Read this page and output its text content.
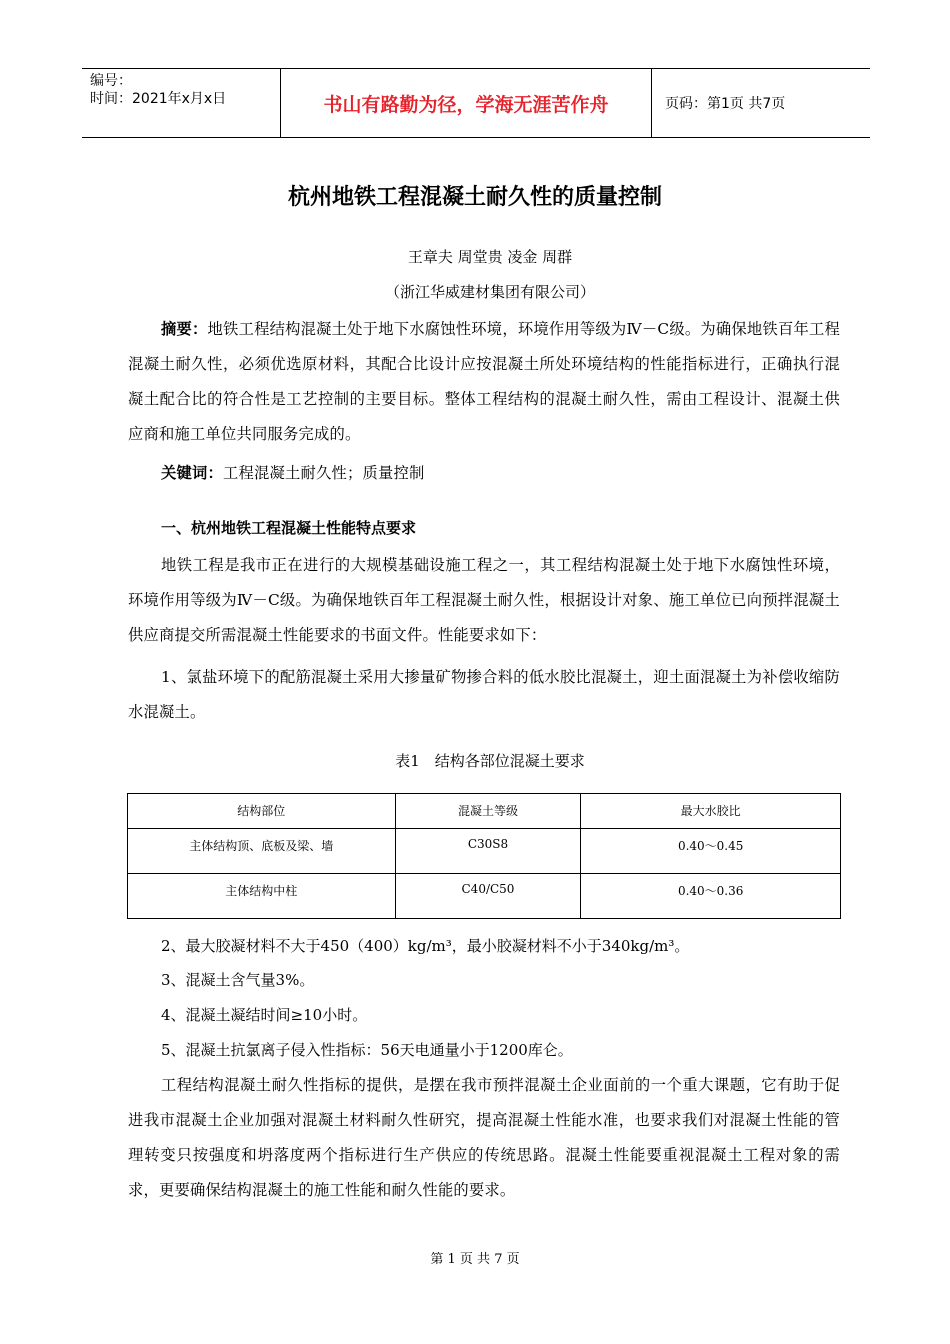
编号：
时间：2021年x月x日	书山有路勤为径，学海无涯苦作舟	页码：第1页 共7页
杭州地铁工程混凝土耐久性的质量控制
王章夫 周堂贵 凌金 周群
（浙江华威建材集团有限公司）
摘要：地铁工程结构混凝土处于地下水腐蚀性环境，环境作用等级为Ⅳ－C级。为确保地铁百年工程混凝土耐久性，必须优选原材料，其配合比设计应按混凝土所处环境结构的性能指标进行，正确执行混凝土配合比的符合性是工艺控制的主要目标。整体工程结构的混凝土耐久性，需由工程设计、混凝土供应商和施工单位共同服务完成的。
关键词：工程混凝土耐久性；质量控制
一、杭州地铁工程混凝土性能特点要求
地铁工程是我市正在进行的大规模基础设施工程之一，其工程结构混凝土处于地下水腐蚀性环境，环境作用等级为Ⅳ－C级。为确保地铁百年工程混凝土耐久性，根据设计对象、施工单位已向预拌混凝土供应商提交所需混凝土性能要求的书面文件。性能要求如下：
1、氯盐环境下的配筋混凝土采用大掺量矿物掺合料的低水胶比混凝土，迎土面混凝土为补偿收缩防水混凝土。
表1　结构各部位混凝土要求
结构部位	混凝土等级	最大水胶比
主体结构顶、底板及梁、墙	C30S8	0.40～0.45
主体结构中柱	C40/C50	0.40～0.36
2、最大胶凝材料不大于450（400）kg/m³，最小胶凝材料不小于340kg/m³。
3、混凝土含气量3%。
4、混凝土凝结时间≥10小时。
5、混凝土抗氯离子侵入性指标：56天电通量小于1200库仑。
工程结构混凝土耐久性指标的提供，是摆在我市预拌混凝土企业面前的一个重大课题，它有助于促进我市混凝土企业加强对混凝土材料耐久性研究，提高混凝土性能水准，也要求我们对混凝土性能的管理转变只按强度和坍落度两个指标进行生产供应的传统思路。混凝土性能要重视混凝土工程对象的需求，更要确保结构混凝土的施工性能和耐久性能的要求。
第 1 页 共 7 页
